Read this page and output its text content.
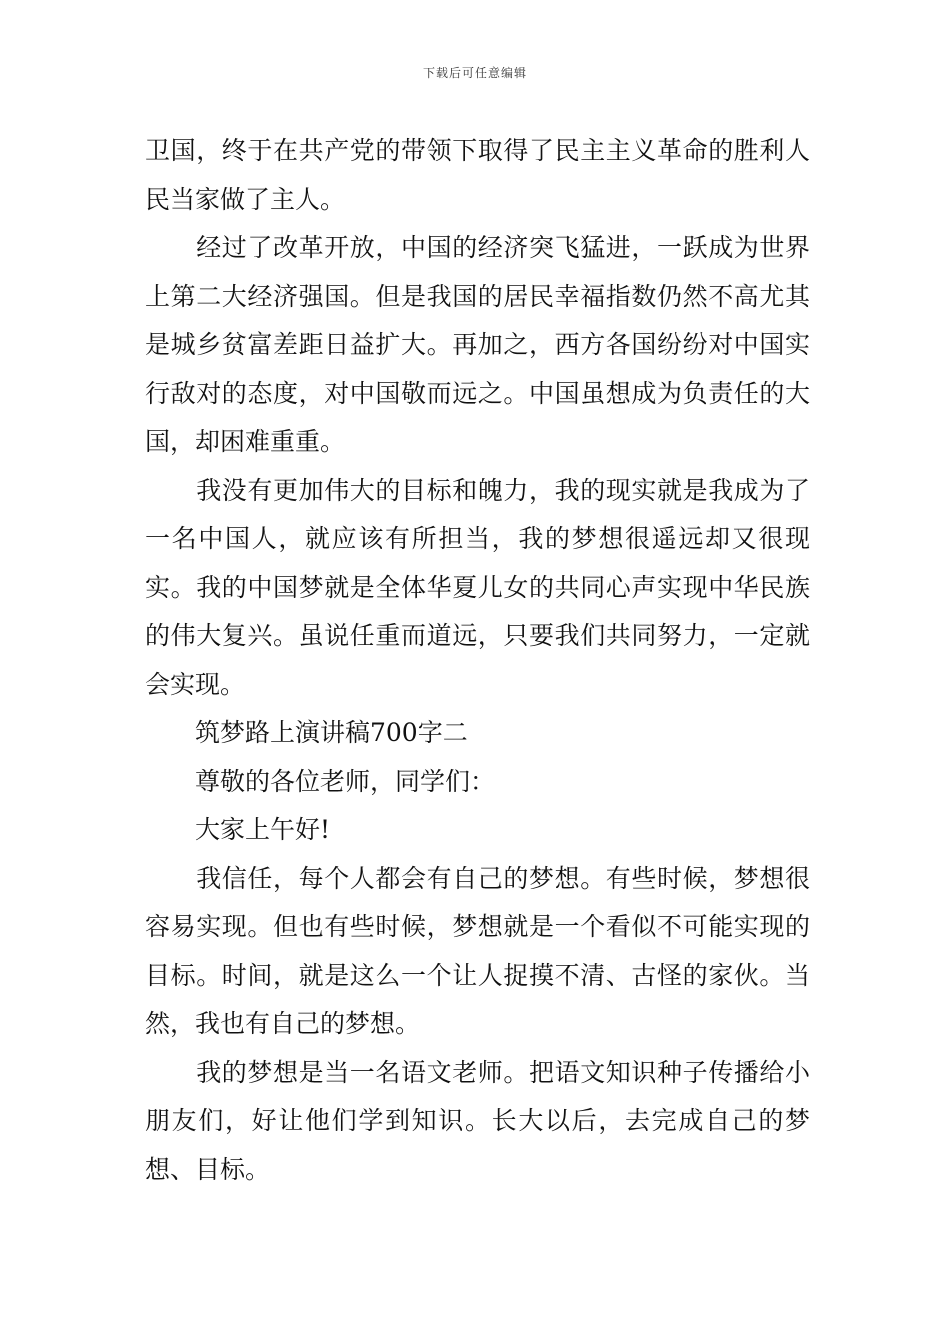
下载后可任意编辑

卫国，终于在共产党的带领下取得了民主主义革命的胜利人民当家做了主人。

　　经过了改革开放，中国的经济突飞猛进，一跃成为世界上第二大经济强国。但是我国的居民幸福指数仍然不高尤其是城乡贫富差距日益扩大。再加之，西方各国纷纷对中国实行敌对的态度，对中国敬而远之。中国虽想成为负责任的大国，却困难重重。

　　我没有更加伟大的目标和魄力，我的现实就是我成为了一名中国人，就应该有所担当，我的梦想很遥远却又很现实。我的中国梦就是全体华夏儿女的共同心声实现中华民族的伟大复兴。虽说任重而道远，只要我们共同努力，一定就会实现。

　　筑梦路上演讲稿700字二

　　尊敬的各位老师，同学们：

　　大家上午好!

　　我信任，每个人都会有自己的梦想。有些时候，梦想很容易实现。但也有些时候，梦想就是一个看似不可能实现的目标。时间，就是这么一个让人捉摸不清、古怪的家伙。当然，我也有自己的梦想。

　　我的梦想是当一名语文老师。把语文知识种子传播给小朋友们，好让他们学到知识。长大以后，去完成自己的梦想、目标。
